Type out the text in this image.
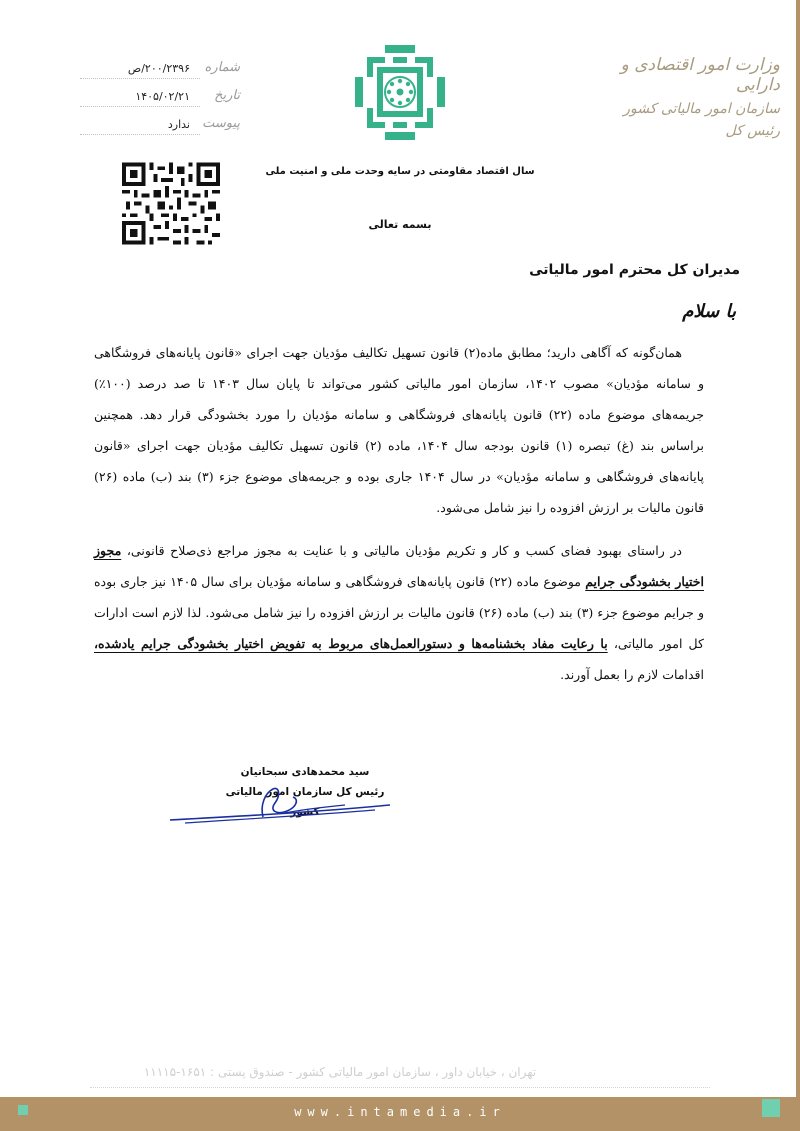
وزارت امور اقتصادی و دارایی
سازمان امور مالیاتی کشور
رئیس کل
شماره
۲۰۰/۲۳۹۶/ص
تاریخ
۱۴۰۵/۰۲/۲۱
پیوست
ندارد
سال اقتصاد مقاومتی در سایه وحدت ملی و امنیت ملی
بسمه تعالی
مدیران کل محترم امور مالیاتی
با سلام

همان‌گونه که آگاهی دارید؛ مطابق ماده(۲) قانون تسهیل تکالیف مؤدیان جهت اجرای «قانون پایانه‌های فروشگاهی و سامانه مؤدیان» مصوب ۱۴۰۲، سازمان امور مالیاتی کشور می‌تواند تا پایان سال ۱۴۰۳ تا صد درصد (۱۰۰٪) جریمه‌های موضوع ماده (۲۲) قانون پایانه‌های فروشگاهی و سامانه مؤدیان را مورد بخشودگی قرار دهد. همچنین براساس بند (غ) تبصره (۱) قانون بودجه سال ۱۴۰۴، ماده (۲) قانون تسهیل تکالیف مؤدیان جهت اجرای «قانون پایانه‌های فروشگاهی و سامانه مؤدیان» در سال ۱۴۰۴ جاری بوده و جریمه‌های موضوع جزء (۳) بند (ب) ماده (۲۶) قانون مالیات بر ارزش افزوده را نیز شامل می‌شود.

در راستای بهبود فضای کسب و کار و تکریم مؤدیان مالیاتی و با عنایت به مجوز مراجع ذی‌صلاح قانونی، مجوز اختیار بخشودگی جرایم موضوع ماده (۲۲) قانون پایانه‌های فروشگاهی و سامانه مؤدیان برای سال ۱۴۰۵ نیز جاری بوده و جرایم موضوع جزء (۳) بند (ب) ماده (۲۶) قانون مالیات بر ارزش افزوده را نیز شامل می‌شود. لذا لازم است ادارات کل امور مالیاتی، با رعایت مفاد بخشنامه‌ها و دستورالعمل‌های مربوط به تفویض اختیار بخشودگی جرایم یادشده، اقدامات لازم را بعمل آورند.

سید محمدهادی سبحانیان
رئیس کل سازمان امور مالیاتی کشور
تهران ، خیابان داور ، سازمان امور مالیاتی کشور - صندوق پستی : ۱۶۵۱-۱۱۱۱۵
www.intamedia.ir
